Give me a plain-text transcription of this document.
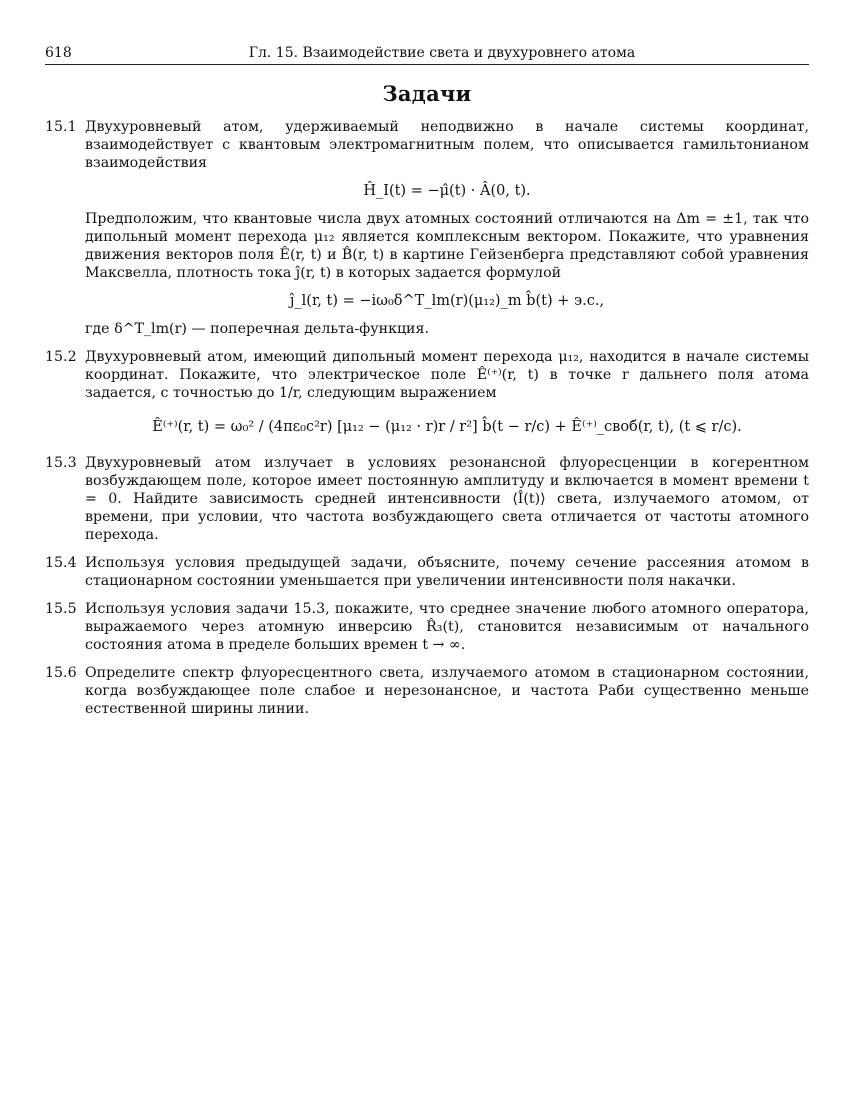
618	Гл. 15. Взаимодействие света и двухуровнего атома
Задачи
15.1 Двухуровневый атом, удерживаемый неподвижно в начале системы координат, взаимодействует с квантовым электромагнитным полем, что описывается гамильтонианом взаимодействия

Ĥ_I(t) = −μ̂(t) · Â(0, t).

Предположим, что квантовые числа двух атомных состояний отличаются на Δm = ±1, так что дипольный момент перехода μ₁₂ является комплексным вектором. Покажите, что уравнения движения векторов поля Ê(r, t) и B̂(r, t) в картине Гейзенберга представляют собой уравнения Максвелла, плотность тока ĵ(r, t) в которых задается формулой

ĵ_l(r, t) = −iω₀δ^T_lm(r)(μ₁₂)_m b̂(t) + э.с.,

где δ^T_lm(r) — поперечная дельта-функция.

15.2 Двухуровневый атом, имеющий дипольный момент перехода μ₁₂, находится в начале системы координат. Покажите, что электрическое поле Ê⁽⁺⁾(r, t) в точке r дальнего поля атома задается, с точностью до 1/r, следующим выражением

Ê⁽⁺⁾(r, t) = ω₀² / (4πε₀c²r) [μ₁₂ − (μ₁₂ · r)r / r²] b̂(t − r/c) + Ê⁽⁺⁾_своб(r, t), (t ⩽ r/c).
15.3 Двухуровневый атом излучает в условиях резонансной флуоресценции в когерентном возбуждающем поле, которое имеет постоянную амплитуду и включается в момент времени t = 0. Найдите зависимость средней интенсивности ⟨Î(t)⟩ света, излучаемого атомом, от времени, при условии, что частота возбуждающего света отличается от частоты атомного перехода.

15.4 Используя условия предыдущей задачи, объясните, почему сечение рассеяния атомом в стационарном состоянии уменьшается при увеличении интенсивности поля накачки.

15.5 Используя условия задачи 15.3, покажите, что среднее значение любого атомного оператора, выражаемого через атомную инверсию R̂₃(t), становится независимым от начального состояния атома в пределе больших времен t → ∞.

15.6 Определите спектр флуоресцентного света, излучаемого атомом в стационарном состоянии, когда возбуждающее поле слабое и нерезонансное, и частота Раби существенно меньше естественной ширины линии.
